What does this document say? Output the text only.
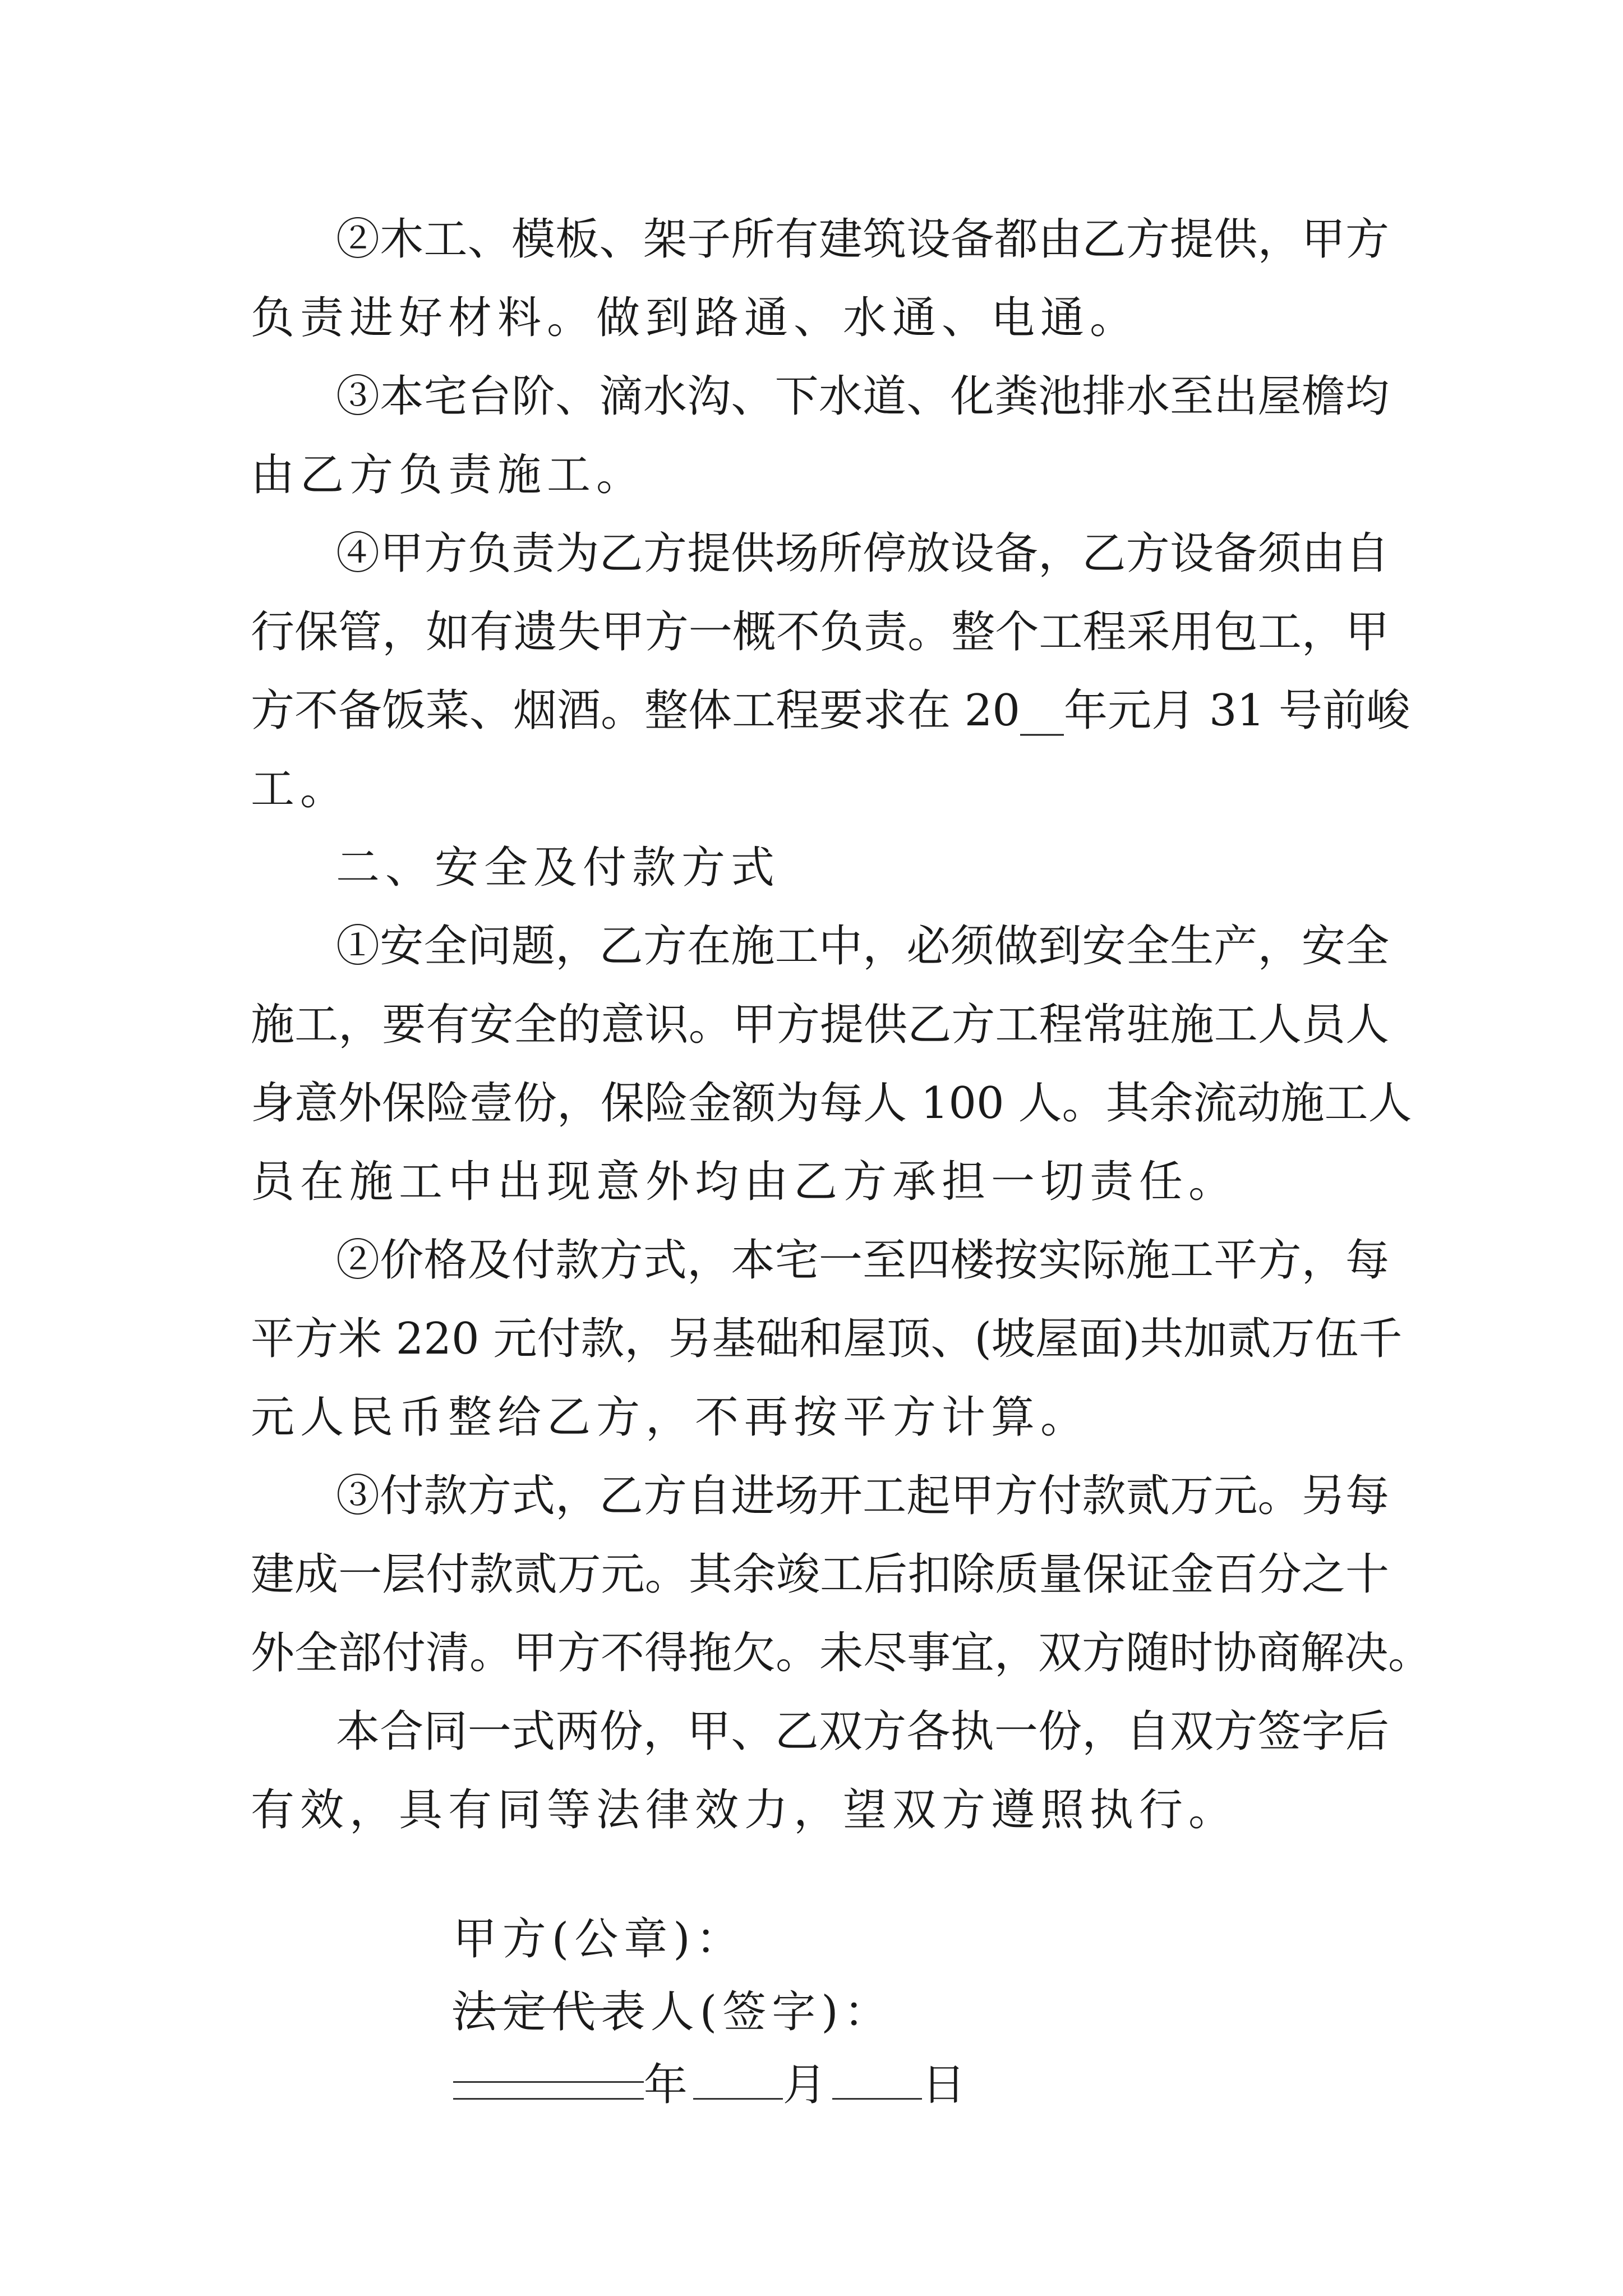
②木工、模板、架子所有建筑设备都由乙方提供，甲方
负责进好材料。做到路通、水通、电通。
③本宅台阶、滴水沟、下水道、化粪池排水至出屋檐均
由乙方负责施工。
④甲方负责为乙方提供场所停放设备，乙方设备须由自
行保管，如有遗失甲方一概不负责。整个工程采用包工，甲
方不备饭菜、烟酒。整体工程要求在 20__年元月 31 号前峻
工。
二、安全及付款方式
①安全问题，乙方在施工中，必须做到安全生产，安全
施工，要有安全的意识。甲方提供乙方工程常驻施工人员人
身意外保险壹份，保险金额为每人 100 人。其余流动施工人
员在施工中出现意外均由乙方承担一切责任。
②价格及付款方式，本宅一至四楼按实际施工平方，每
平方米 220 元付款，另基础和屋顶、(坡屋面)共加贰万伍千
元人民币整给乙方，不再按平方计算。
③付款方式，乙方自进场开工起甲方付款贰万元。另每
建成一层付款贰万元。其余竣工后扣除质量保证金百分之十
外全部付清。甲方不得拖欠。未尽事宜，双方随时协商解决。
本合同一式两份，甲、乙双方各执一份，自双方签字后
有效，具有同等法律效力，望双方遵照执行。

甲方(公章)：

法定代表人(签字)：

年 月 日
